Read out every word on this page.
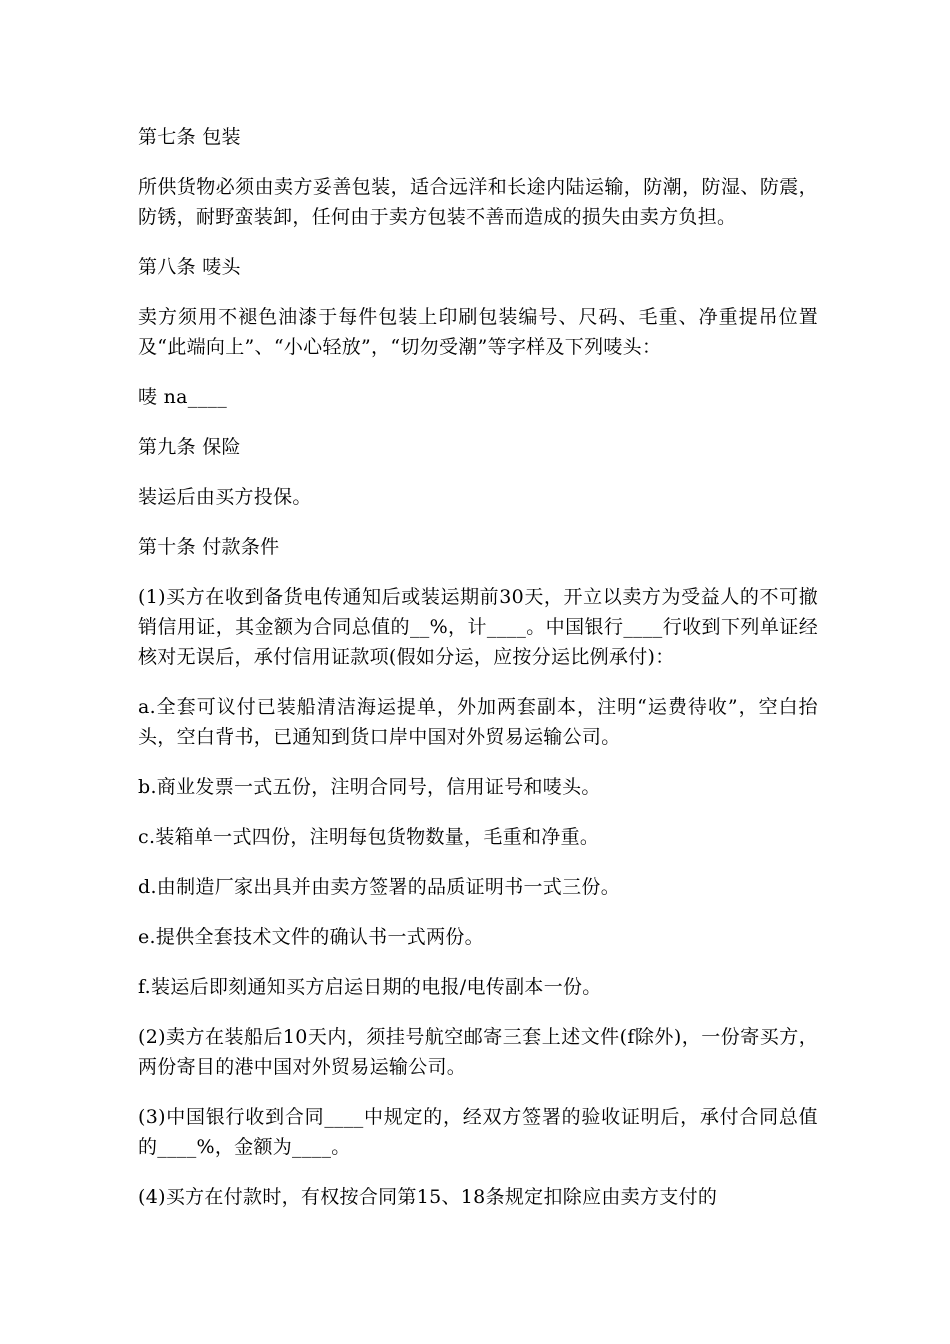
第七条 包装
所供货物必须由卖方妥善包装，适合远洋和长途内陆运输，防潮，防湿、防震，防锈，耐野蛮装卸，任何由于卖方包装不善而造成的损失由卖方负担。
第八条 唛头
卖方须用不褪色油漆于每件包装上印刷包装编号、尺码、毛重、净重提吊位置及“此端向上”、“小心轻放”，“切勿受潮”等字样及下列唛头：
唛 na____
第九条 保险
装运后由买方投保。
第十条 付款条件
(1)买方在收到备货电传通知后或装运期前30天，开立以卖方为受益人的不可撤销信用证，其金额为合同总值的__%，计____。中国银行____行收到下列单证经核对无误后，承付信用证款项(假如分运，应按分运比例承付)：
a.全套可议付已装船清洁海运提单，外加两套副本，注明“运费待收”，空白抬头，空白背书，已通知到货口岸中国对外贸易运输公司。
b.商业发票一式五份，注明合同号，信用证号和唛头。
c.装箱单一式四份，注明每包货物数量，毛重和净重。
d.由制造厂家出具并由卖方签署的品质证明书一式三份。
e.提供全套技术文件的确认书一式两份。
f.装运后即刻通知买方启运日期的电报/电传副本一份。
(2)卖方在装船后10天内，须挂号航空邮寄三套上述文件(f除外)，一份寄买方，两份寄目的港中国对外贸易运输公司。
(3)中国银行收到合同____中规定的，经双方签署的验收证明后，承付合同总值的____%，金额为____。
(4)买方在付款时，有权按合同第15、18条规定扣除应由卖方支付的
